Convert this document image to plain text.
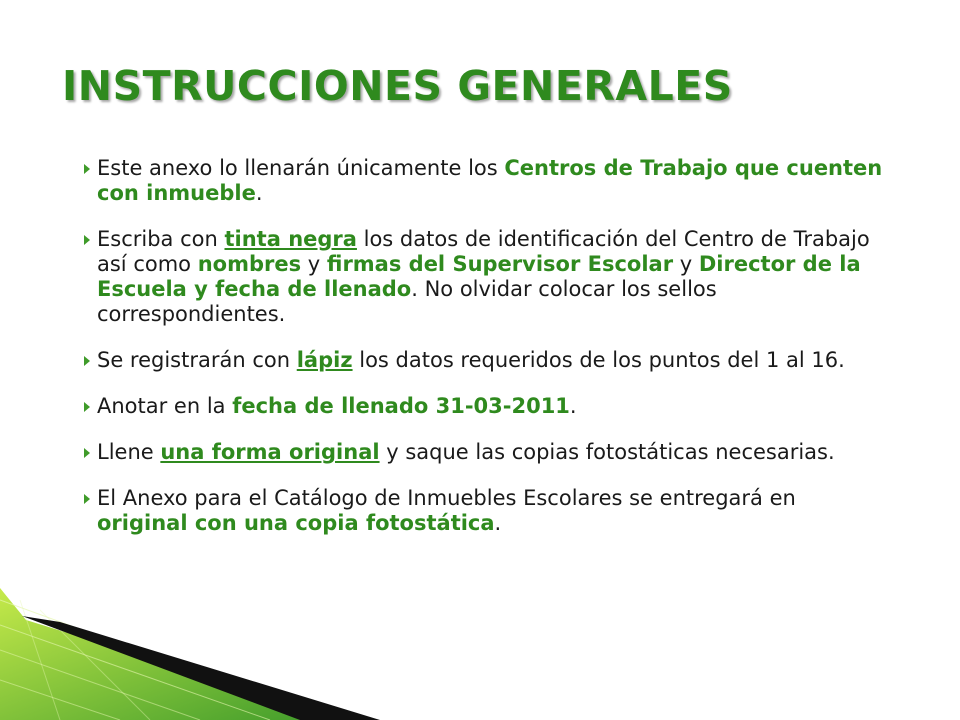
INSTRUCCIONES GENERALES
Este anexo lo llenarán únicamente los Centros de Trabajo que cuenten con inmueble.
Escriba con tinta negra los datos de identificación del Centro de Trabajo así como nombres y firmas del Supervisor Escolar y Director de la Escuela y fecha de llenado. No olvidar colocar los sellos correspondientes.
Se registrarán con lápiz los datos requeridos de los puntos del 1 al 16.
Anotar en la fecha de llenado 31-03-2011.
Llene una forma original y saque las copias fotostáticas necesarias.
El Anexo para el Catálogo de Inmuebles Escolares se entregará en original con una copia fotostática.
